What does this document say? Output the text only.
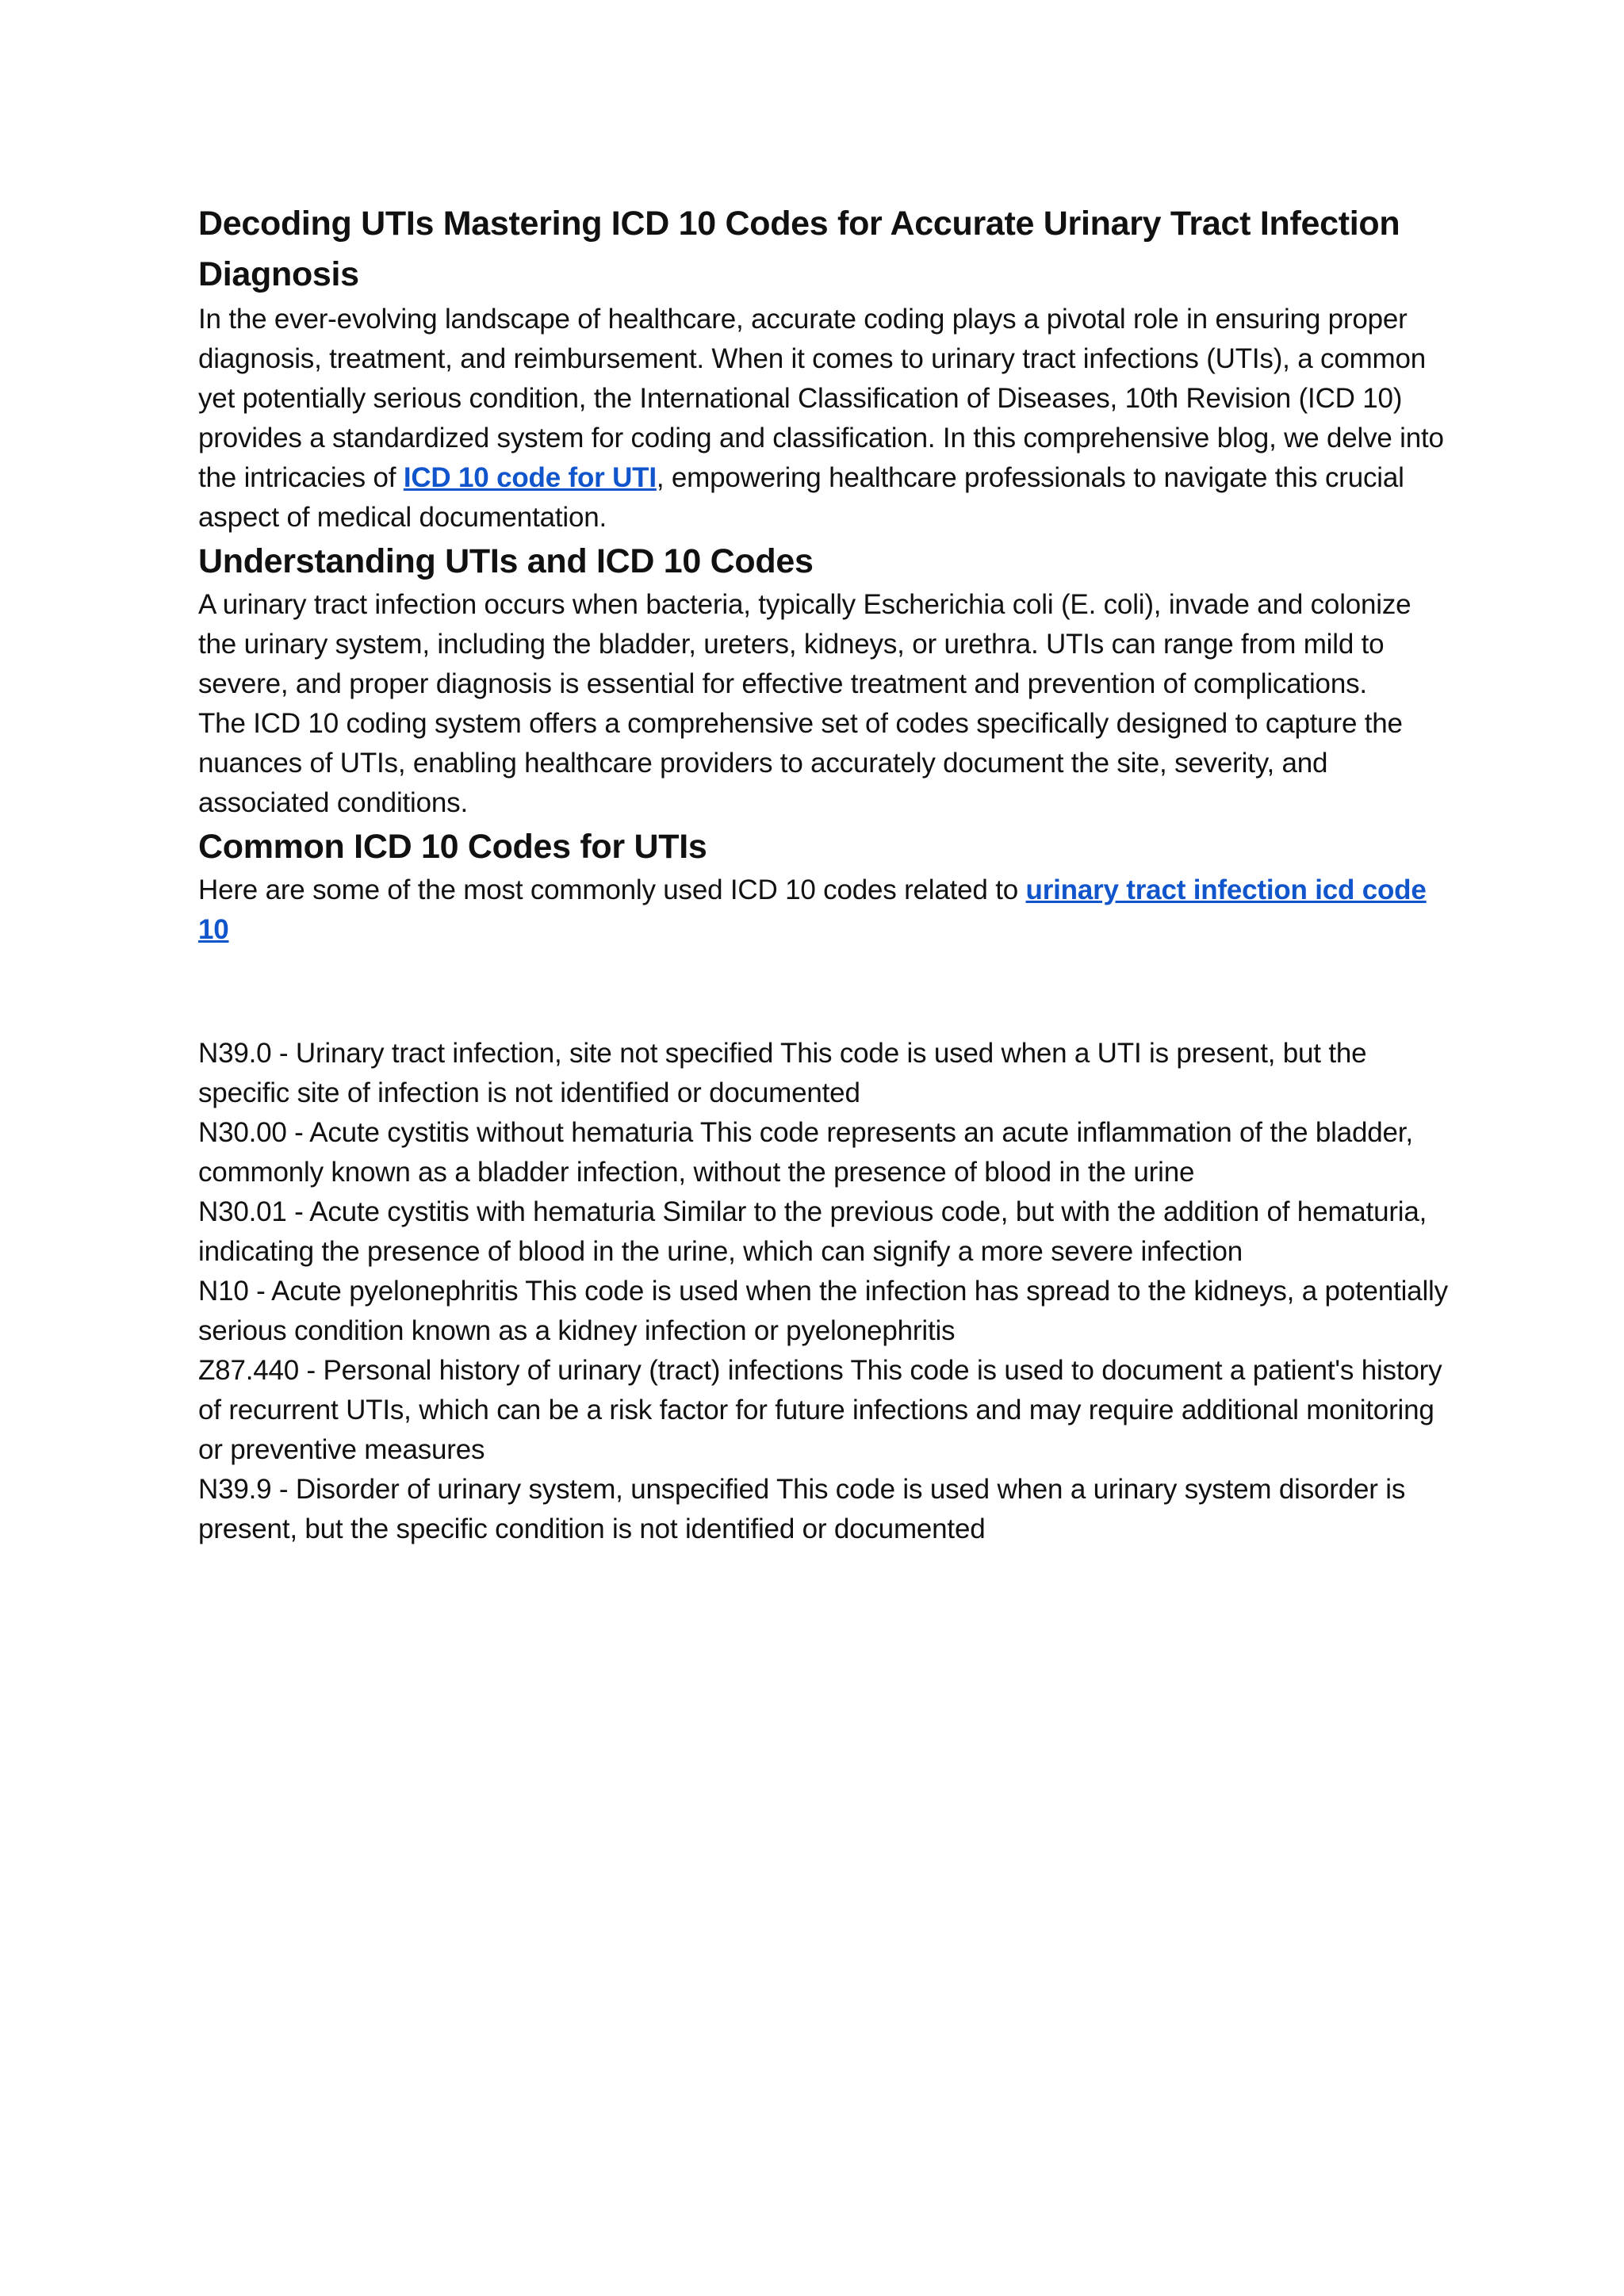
Decoding UTIs Mastering ICD 10 Codes for Accurate Urinary Tract Infection Diagnosis

In the ever-evolving landscape of healthcare, accurate coding plays a pivotal role in ensuring proper diagnosis, treatment, and reimbursement. When it comes to urinary tract infections (UTIs), a common yet potentially serious condition, the International Classification of Diseases, 10th Revision (ICD 10) provides a standardized system for coding and classification. In this comprehensive blog, we delve into the intricacies of ICD 10 code for UTI, empowering healthcare professionals to navigate this crucial aspect of medical documentation.

Understanding UTIs and ICD 10 Codes

A urinary tract infection occurs when bacteria, typically Escherichia coli (E. coli), invade and colonize the urinary system, including the bladder, ureters, kidneys, or urethra. UTIs can range from mild to severe, and proper diagnosis is essential for effective treatment and prevention of complications.

The ICD 10 coding system offers a comprehensive set of codes specifically designed to capture the nuances of UTIs, enabling healthcare providers to accurately document the site, severity, and associated conditions.

Common ICD 10 Codes for UTIs

Here are some of the most commonly used ICD 10 codes related to urinary tract infection icd code 10

N39.0 - Urinary tract infection, site not specified This code is used when a UTI is present, but the specific site of infection is not identified or documented

N30.00 - Acute cystitis without hematuria This code represents an acute inflammation of the bladder, commonly known as a bladder infection, without the presence of blood in the urine

N30.01 - Acute cystitis with hematuria Similar to the previous code, but with the addition of hematuria, indicating the presence of blood in the urine, which can signify a more severe infection

N10 - Acute pyelonephritis This code is used when the infection has spread to the kidneys, a potentially serious condition known as a kidney infection or pyelonephritis

Z87.440 - Personal history of urinary (tract) infections This code is used to document a patient's history of recurrent UTIs, which can be a risk factor for future infections and may require additional monitoring or preventive measures

N39.9 - Disorder of urinary system, unspecified This code is used when a urinary system disorder is present, but the specific condition is not identified or documented
